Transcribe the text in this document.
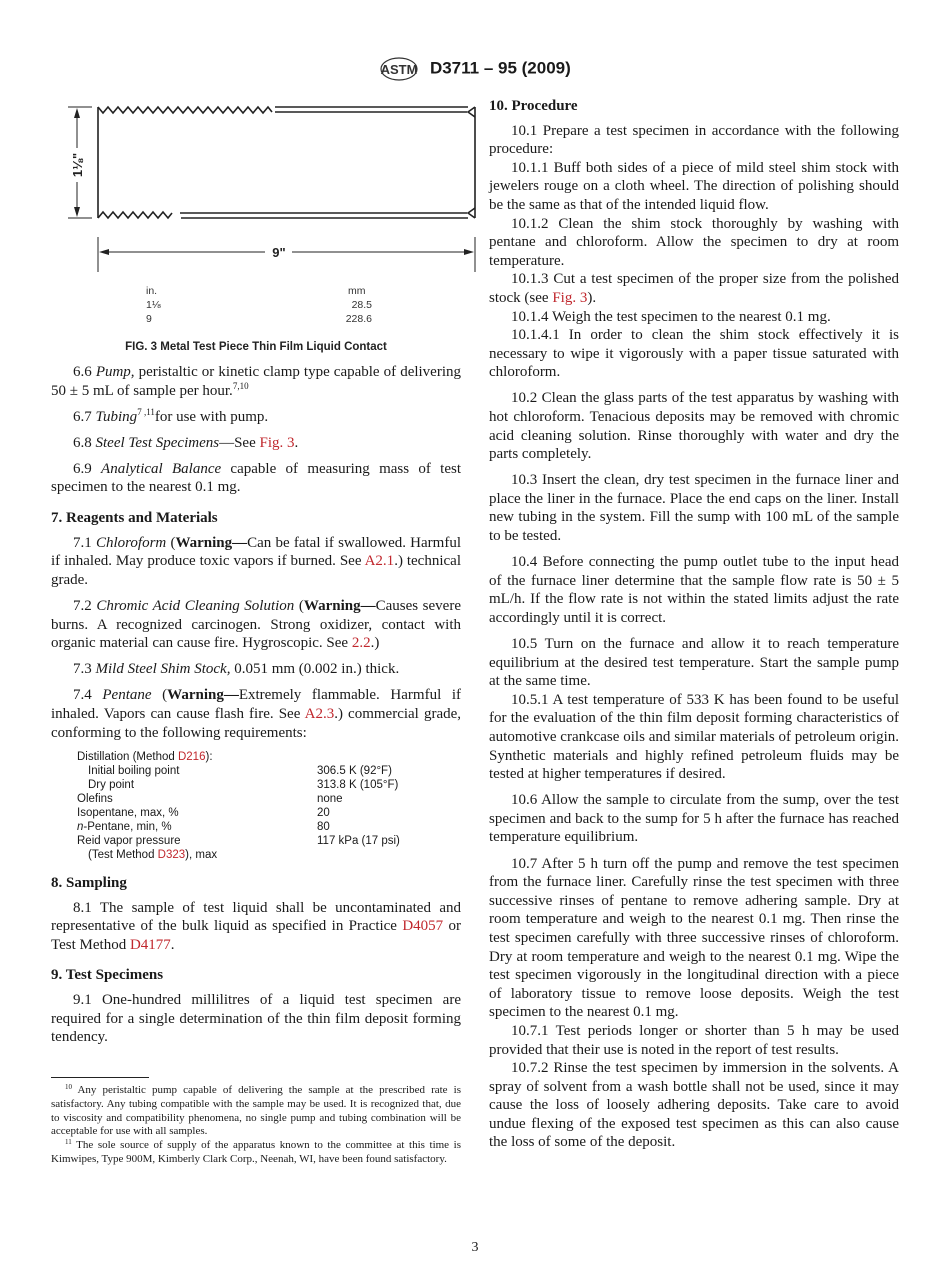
ASTM D3711 – 95 (2009)
1⅛"
9"
in.	mm
1⅛	28.5
9	228.6
FIG. 3 Metal Test Piece Thin Film Liquid Contact

6.6 Pump, peristaltic or kinetic clamp type capable of delivering 50 ± 5 mL of sample per hour.$^{7,10}$

6.7 Tubing$^{7 ,11}$for use with pump.

6.8 Steel Test Specimens—See Fig. 3.

6.9 Analytical Balance capable of measuring mass of test specimen to the nearest 0.1 mg.

7. Reagents and Materials

7.1 Chloroform (Warning—Can be fatal if swallowed. Harmful if inhaled. May produce toxic vapors if burned. See A2.1.) technical grade.

7.2 Chromic Acid Cleaning Solution (Warning—Causes severe burns. A recognized carcinogen. Strong oxidizer, contact with organic material can cause fire. Hygroscopic. See 2.2.)

7.3 Mild Steel Shim Stock, 0.051 mm (0.002 in.) thick.

7.4 Pentane (Warning—Extremely flammable. Harmful if inhaled. Vapors can cause flash fire. See A2.3.) commercial grade, conforming to the following requirements:

Distillation (Method D216):
Initial boiling point	306.5 K (92°F)
Dry point	313.8 K (105°F)
Olefins	none
Isopentane, max, %	20
n-Pentane, min, %	80
Reid vapor pressure	117 kPa (17 psi)
(Test Method D323), max
8. Sampling

8.1 The sample of test liquid shall be uncontaminated and representative of the bulk liquid as specified in Practice D4057 or Test Method D4177.

9. Test Specimens

9.1 One-hundred millilitres of a liquid test specimen are required for a single determination of the thin film deposit forming tendency.

10. Procedure

10.1 Prepare a test specimen in accordance with the following procedure:

10.1.1 Buff both sides of a piece of mild steel shim stock with jewelers rouge on a cloth wheel. The direction of polishing should be the same as that of the intended liquid flow.

10.1.2 Clean the shim stock thoroughly by washing with pentane and chloroform. Allow the specimen to dry at room temperature.

10.1.3 Cut a test specimen of the proper size from the polished stock (see Fig. 3).

10.1.4 Weigh the test specimen to the nearest 0.1 mg.

10.1.4.1 In order to clean the shim stock effectively it is necessary to wipe it vigorously with a paper tissue saturated with chloroform.

10.2 Clean the glass parts of the test apparatus by washing with hot chloroform. Tenacious deposits may be removed with chromic acid cleaning solution. Rinse thoroughly with water and dry the parts completely.

10.3 Insert the clean, dry test specimen in the furnace liner and place the liner in the furnace. Place the end caps on the liner. Install new tubing in the system. Fill the sump with 100 mL of the sample to be tested.

10.4 Before connecting the pump outlet tube to the input head of the furnace liner determine that the sample flow rate is 50 ± 5 mL/h. If the flow rate is not within the stated limits adjust the rate accordingly until it is correct.

10.5 Turn on the furnace and allow it to reach temperature equilibrium at the desired test temperature. Start the sample pump at the same time.

10.5.1 A test temperature of 533 K has been found to be useful for the evaluation of the thin film deposit forming characteristics of automotive crankcase oils and similar materials of petroleum origin. Synthetic materials and highly refined petroleum fluids may be tested at higher temperatures if desired.

10.6 Allow the sample to circulate from the sump, over the test specimen and back to the sump for 5 h after the furnace has reached temperature equilibrium.

10.7 After 5 h turn off the pump and remove the test specimen from the furnace liner. Carefully rinse the test specimen with three successive rinses of pentane to remove adhering sample. Dry at room temperature and weigh to the nearest 0.1 mg. Then rinse the test specimen carefully with three successive rinses of chloroform. Dry at room temperature and weigh to the nearest 0.1 mg. Wipe the test specimen vigorously in the longitudinal direction with a piece of laboratory tissue to remove loose deposits. Weigh the test specimen to the nearest 0.1 mg.

10.7.1 Test periods longer or shorter than 5 h may be used provided that their use is noted in the report of test results.

10.7.2 Rinse the test specimen by immersion in the solvents. A spray of solvent from a wash bottle shall not be used, since it may cause the loss of loosely adhering deposits. Take care to avoid undue flexing of the exposed test specimen as this can also cause the loss of some of the deposit.

$^{10}$ Any peristaltic pump capable of delivering the sample at the prescribed rate is satisfactory. Any tubing compatible with the sample may be used. It is recognized that, due to viscosity and compatibility phenomena, no single pump and tubing combination will be acceptable for use with all samples.

$^{11}$ The sole source of supply of the apparatus known to the committee at this time is Kimwipes, Type 900M, Kimberly Clark Corp., Neenah, WI, have been found satisfactory.

3
